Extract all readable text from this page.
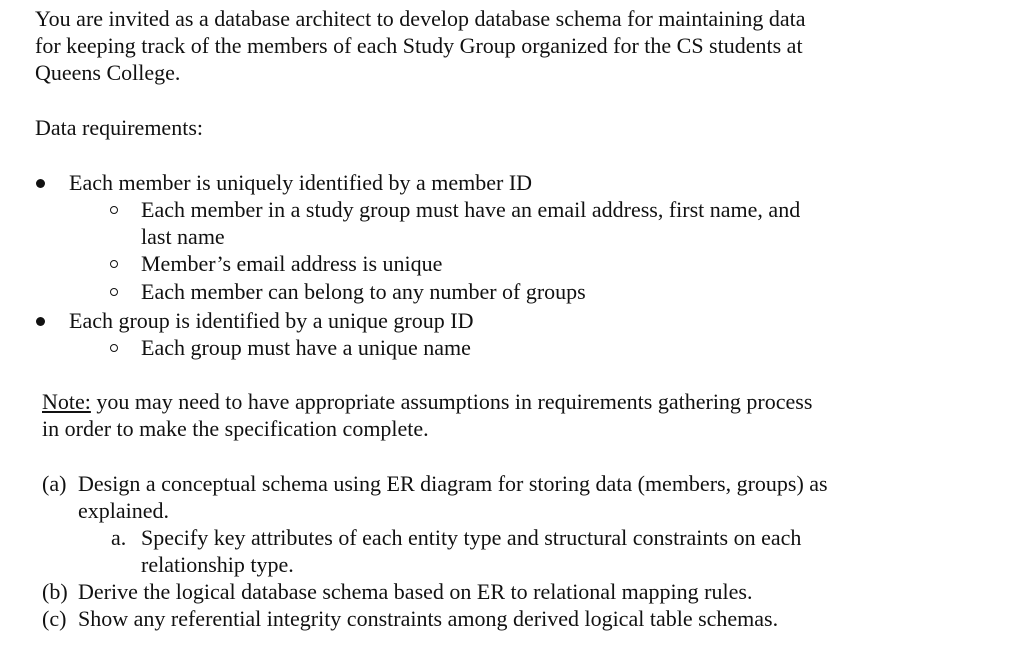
You are invited as a database architect to develop database schema for maintaining data
for keeping track of the members of each Study Group organized for the CS students at
Queens College.
Data requirements:
Each member is uniquely identified by a member ID
Each member in a study group must have an email address, first name, and
last name
Member’s email address is unique
Each member can belong to any number of groups
Each group is identified by a unique group ID
Each group must have a unique name
Note: you may need to have appropriate assumptions in requirements gathering process
in order to make the specification complete.
(a) Design a conceptual schema using ER diagram for storing data (members, groups) as
explained.
a. Specify key attributes of each entity type and structural constraints on each
relationship type.
(b) Derive the logical database schema based on ER to relational mapping rules.
(c) Show any referential integrity constraints among derived logical table schemas.
